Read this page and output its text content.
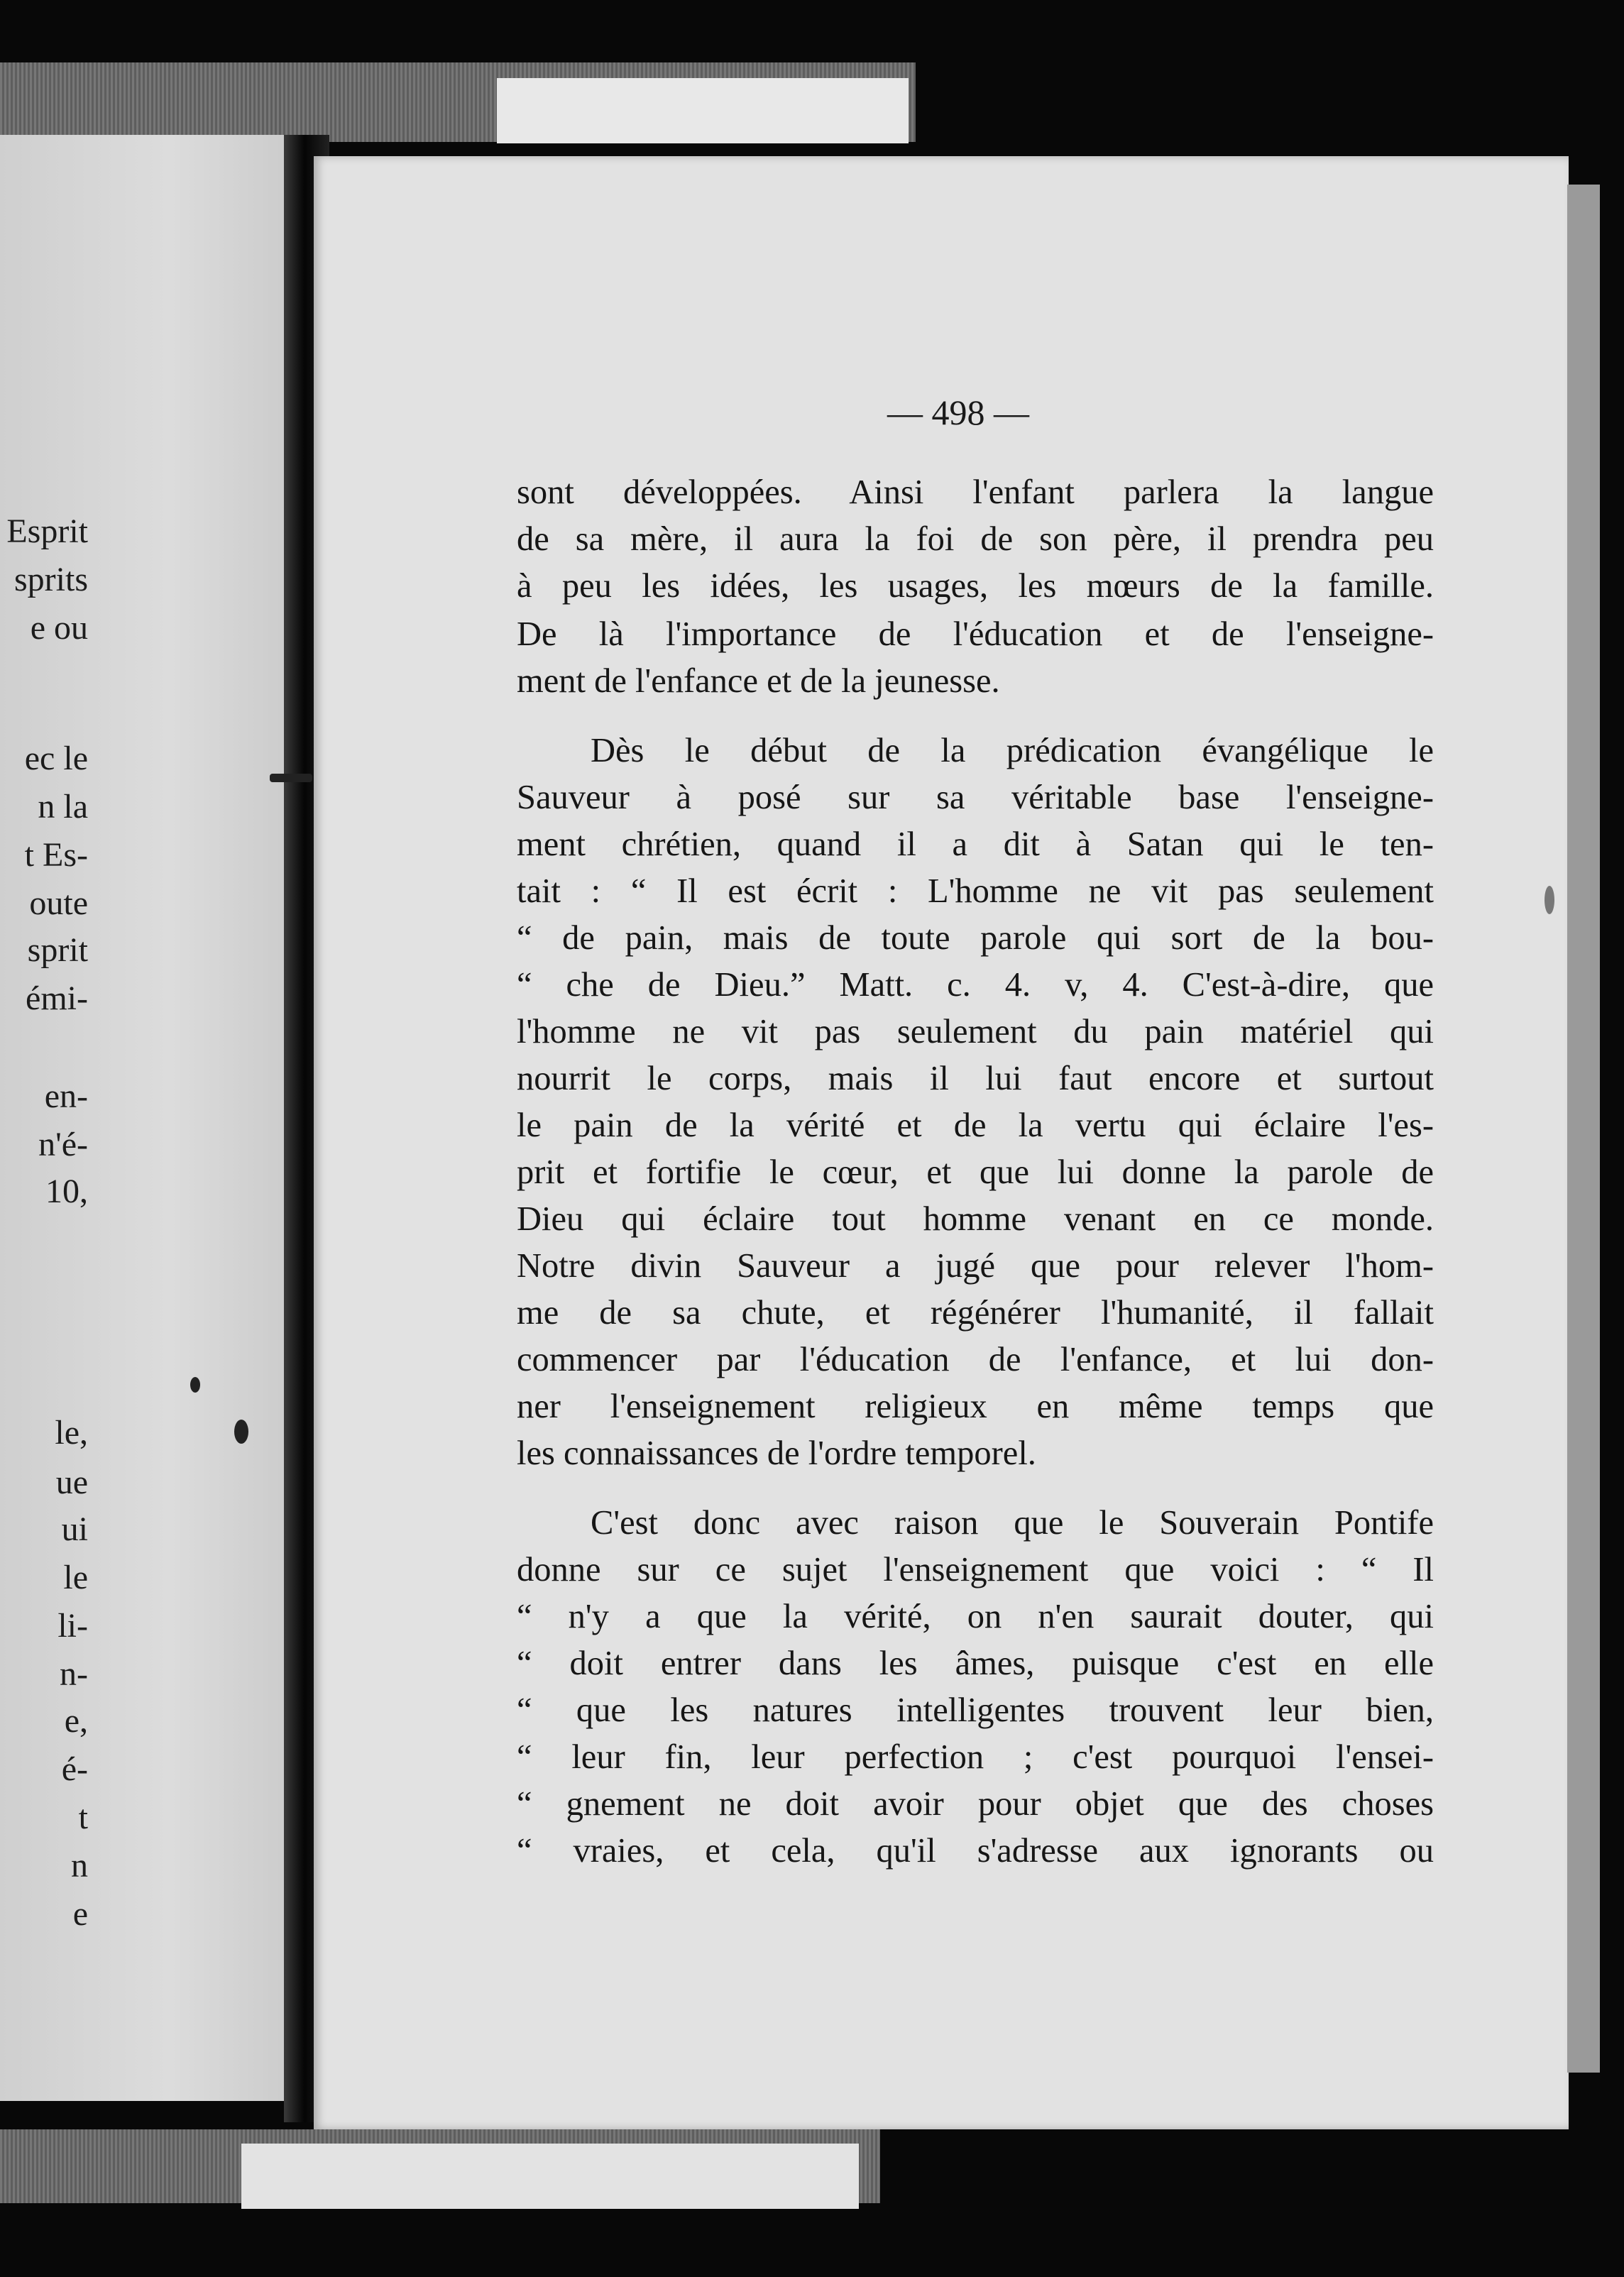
Esprit
sprits
e ou
ec le
n la
t Es-
oute
sprit
émi-
en-
n'é-
10,
le,
ue
ui
le
li-
n-
e,
é-
t
n
e
— 498 —
sont développées. Ainsi l'enfant parlera la langue
de sa mère, il aura la foi de son père, il prendra peu
à peu les idées, les usages, les mœurs de la famille.
De là l'importance de l'éducation et de l'enseigne-
ment de l'enfance et de la jeunesse.
Dès le début de la prédication évangélique le
Sauveur à posé sur sa véritable base l'enseigne-
ment chrétien, quand il a dit à Satan qui le ten-
tait : “ Il est écrit : L'homme ne vit pas seulement
“ de pain, mais de toute parole qui sort de la bou-
“ che de Dieu.” Matt. c. 4. v, 4. C'est-à-dire, que
l'homme ne vit pas seulement du pain matériel qui
nourrit le corps, mais il lui faut encore et surtout
le pain de la vérité et de la vertu qui éclaire l'es-
prit et fortifie le cœur, et que lui donne la parole de
Dieu qui éclaire tout homme venant en ce monde.
Notre divin Sauveur a jugé que pour relever l'hom-
me de sa chute, et régénérer l'humanité, il fallait
commencer par l'éducation de l'enfance, et lui don-
ner l'enseignement religieux en même temps que
les connaissances de l'ordre temporel.
C'est donc avec raison que le Souverain Pontife
donne sur ce sujet l'enseignement que voici : “ Il
“ n'y a que la vérité, on n'en saurait douter, qui
“ doit entrer dans les âmes, puisque c'est en elle
“ que les natures intelligentes trouvent leur bien,
“ leur fin, leur perfection ; c'est pourquoi l'ensei-
“ gnement ne doit avoir pour objet que des choses
“ vraies, et cela, qu'il s'adresse aux ignorants ou
